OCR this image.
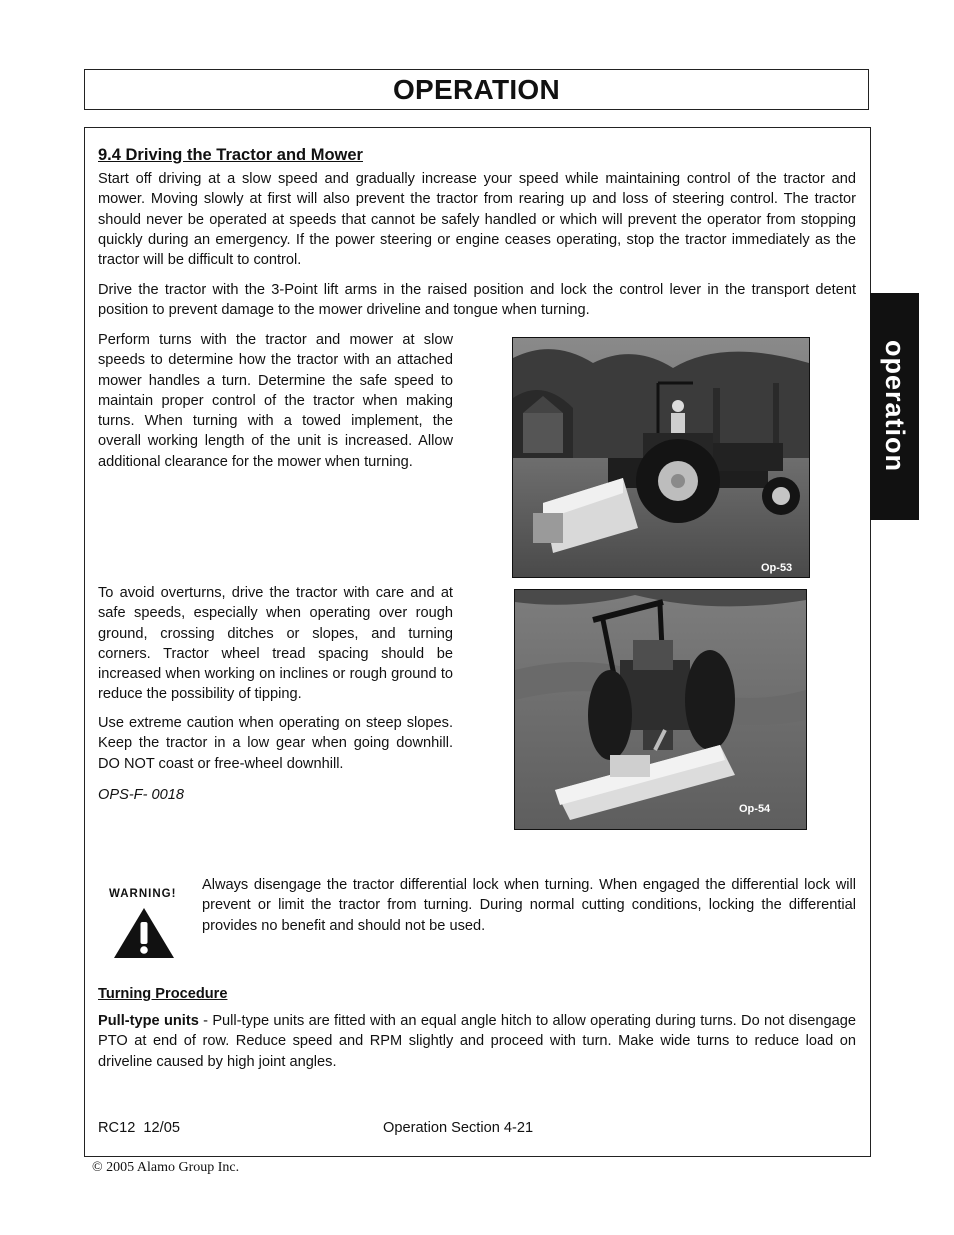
OPERATION
operation
9.4 Driving the Tractor and Mower
Start off driving at a slow speed and gradually increase your speed while maintaining control of the tractor and mower. Moving slowly at first will also prevent the tractor from rearing up and loss of steering control. The tractor should never be operated at speeds that cannot be safely handled or which will prevent the operator from stopping quickly during an emergency. If the power steering or engine ceases operating, stop the tractor immediately as the tractor will be difficult to control.
Drive the tractor with the 3-Point lift arms in the raised position and lock the control lever in the transport detent position to prevent damage to the mower driveline and tongue when turning.
Perform turns with the tractor and mower at slow speeds to determine how the tractor with an attached mower handles a turn. Determine the safe speed to maintain proper control of the tractor when making turns. When turning with a towed implement, the overall working length of the unit is increased. Allow additional clearance for the mower when turning.
To avoid overturns, drive the tractor with care and at safe speeds, especially when operating over rough ground, crossing ditches or slopes, and turning corners. Tractor wheel tread spacing should be increased when working on inclines or rough ground to reduce the possibility of tipping.
Use extreme caution when operating on steep slopes. Keep the tractor in a low gear when going downhill. DO NOT coast or free-wheel downhill.
OPS-F- 0018
Op-53
Op-54
WARNING!
Always disengage the tractor differential lock when turning. When engaged the differential lock will prevent or limit the tractor from turning. During normal cutting conditions, locking the differential provides no benefit and should not be used.
Turning Procedure
Pull-type units - Pull-type units are fitted with an equal angle hitch to allow operating during turns. Do not disengage PTO at end of row. Reduce speed and RPM slightly and proceed with turn. Make wide turns to reduce load on driveline caused by high joint angles.
RC12  12/05	Operation Section 4-21
© 2005 Alamo Group Inc.
